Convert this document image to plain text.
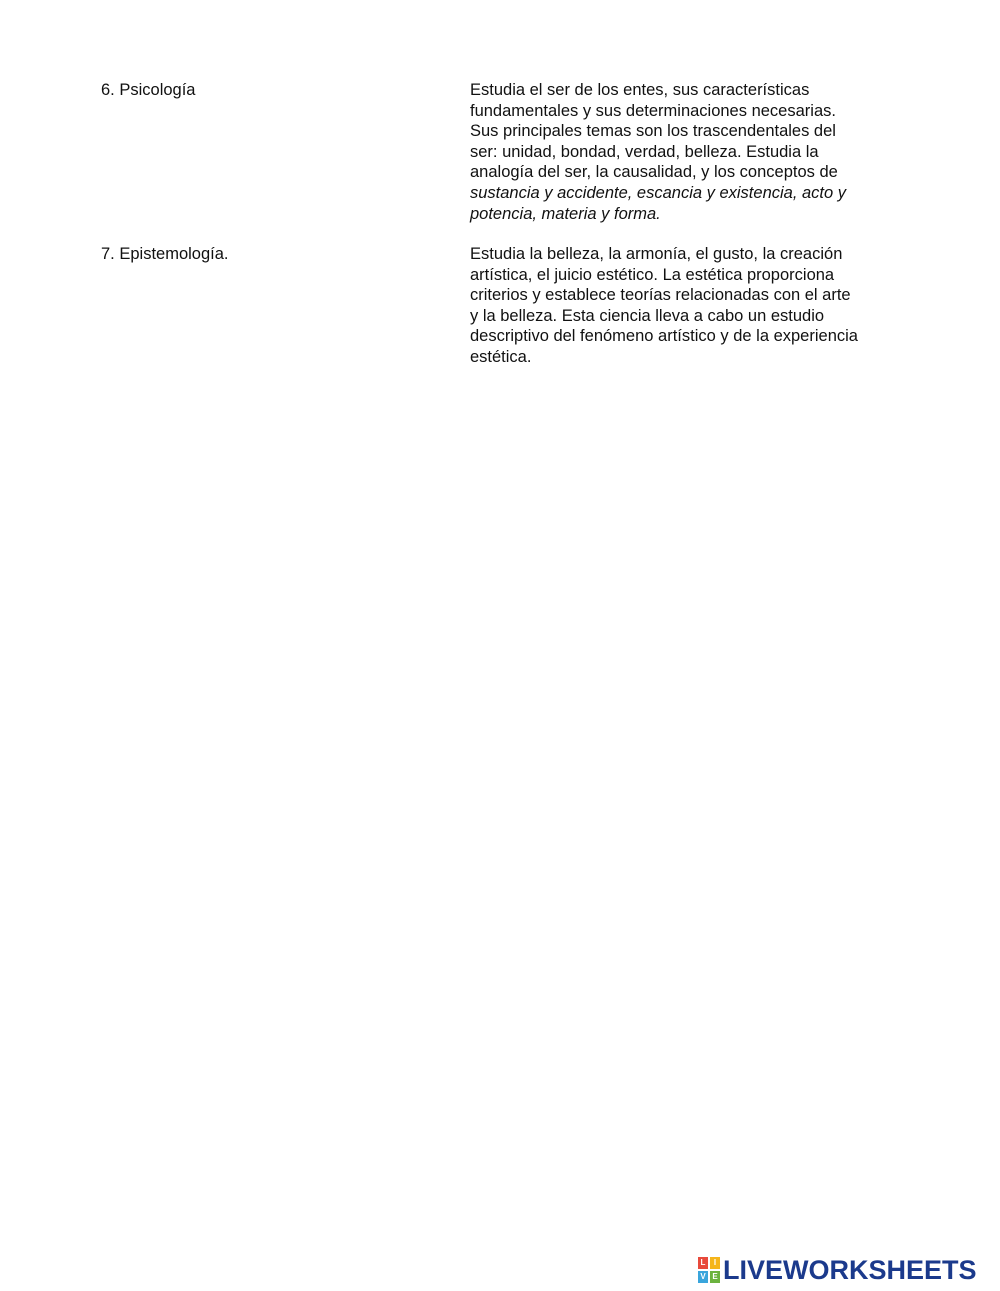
6. Psicología	Estudia el ser de los entes, sus características
fundamentales y sus determinaciones necesarias.
Sus principales temas son los trascendentales del
ser: unidad, bondad, verdad, belleza. Estudia la
analogía del ser, la causalidad, y los conceptos de
sustancia y accidente, escancia y existencia, acto y
potencia, materia y forma.
7. Epistemología.	Estudia la belleza, la armonía, el gusto, la creación
artística, el juicio estético. La estética proporciona
criterios y establece teorías relacionadas con el arte
y la belleza. Esta ciencia lleva a cabo un estudio
descriptivo del fenómeno artístico y de la experiencia
estética.
L	I
V E LIVEWORKSHEETS
